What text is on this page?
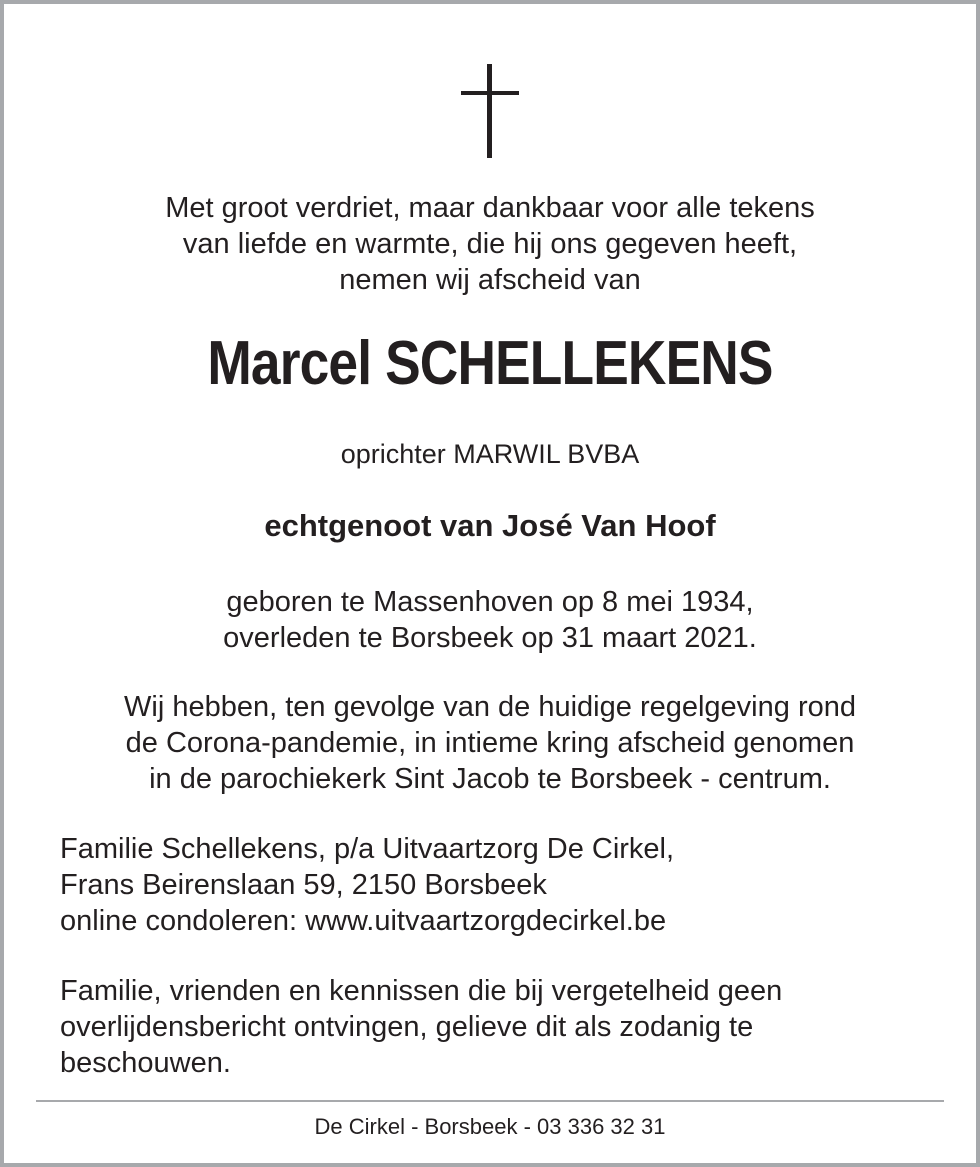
Met groot verdriet, maar dankbaar voor alle tekens
van liefde en warmte, die hij ons gegeven heeft,
nemen wij afscheid van
Marcel SCHELLEKENS
oprichter MARWIL BVBA
echtgenoot van José Van Hoof
geboren te Massenhoven op 8 mei 1934,
overleden te Borsbeek op 31 maart 2021.
Wij hebben, ten gevolge van de huidige regelgeving rond
de Corona-pandemie, in intieme kring afscheid genomen
in de parochiekerk Sint Jacob te Borsbeek - centrum.
Familie Schellekens, p/a Uitvaartzorg De Cirkel,
Frans Beirenslaan 59, 2150 Borsbeek
online condoleren: www.uitvaartzorgdecirkel.be
Familie, vrienden en kennissen die bij vergetelheid geen
overlijdensbericht ontvingen, gelieve dit als zodanig te
beschouwen.
De Cirkel - Borsbeek - 03 336 32 31
